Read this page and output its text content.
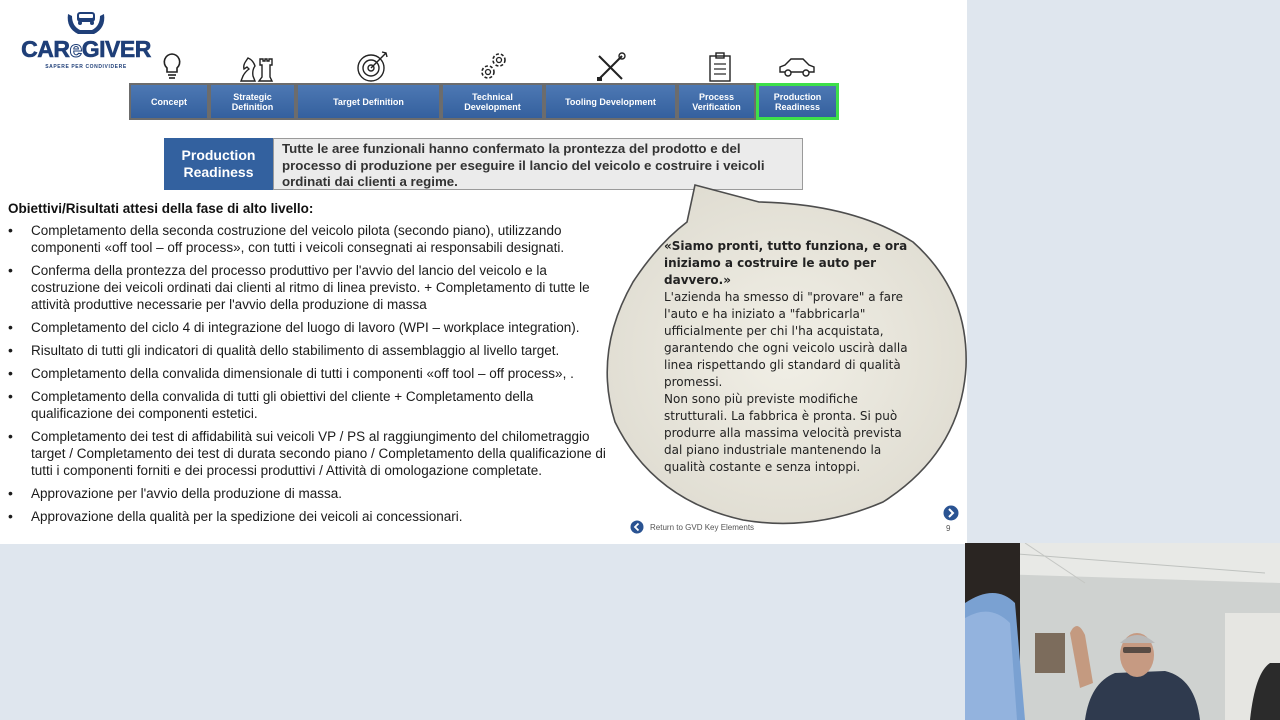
CAReGIVER
SAPERE PER CONDIVIDERE
Concept	Strategic Definition	Target Definition	Technical Development	Tooling Development	Process Verification
Production Readiness
Production Readiness
Tutte le aree funzionali hanno confermato la prontezza del prodotto e del processo di produzione per eseguire il lancio del veicolo e costruire i veicoli ordinati dai clienti a regime.
Obiettivi/Risultati attesi della fase di alto livello:
• Completamento della seconda costruzione del veicolo pilota (secondo piano), utilizzando componenti «off tool – off process», con tutti i veicoli consegnati ai responsabili designati.
• Conferma della prontezza del processo produttivo per l'avvio del lancio del veicolo e la costruzione dei veicoli ordinati dai clienti al ritmo di linea previsto. + Completamento di tutte le attività produttive necessarie per l'avvio della produzione di massa
• Completamento del ciclo 4 di integrazione del luogo di lavoro (WPI – workplace integration).
• Risultato di tutti gli indicatori di qualità dello stabilimento di assemblaggio al livello target.
• Completamento della convalida dimensionale di tutti i componenti «off tool – off process», .
• Completamento della convalida di tutti gli obiettivi del cliente + Completamento della qualificazione dei componenti estetici.
• Completamento dei test di affidabilità sui veicoli VP / PS al raggiungimento del chilometraggio target / Completamento dei test di durata secondo piano / Completamento della qualificazione di tutti i componenti forniti e dei processi produttivi / Attività di omologazione completate.
• Approvazione per l'avvio della produzione di massa.
• Approvazione della qualità per la spedizione dei veicoli ai concessionari.
«Siamo pronti, tutto funziona, e ora iniziamo a costruire le auto per davvero.»
L'azienda ha smesso di "provare" a fare l'auto e ha iniziato a "fabbricarla" ufficialmente per chi l'ha acquistata, garantendo che ogni veicolo uscirà dalla linea rispettando gli standard di qualità promessi.
Non sono più previste modifiche strutturali. La fabbrica è pronta. Si può produrre alla massima velocità prevista dal piano industriale mantenendo la qualità costante e senza intoppi.
Return to GVD Key Elements	9
